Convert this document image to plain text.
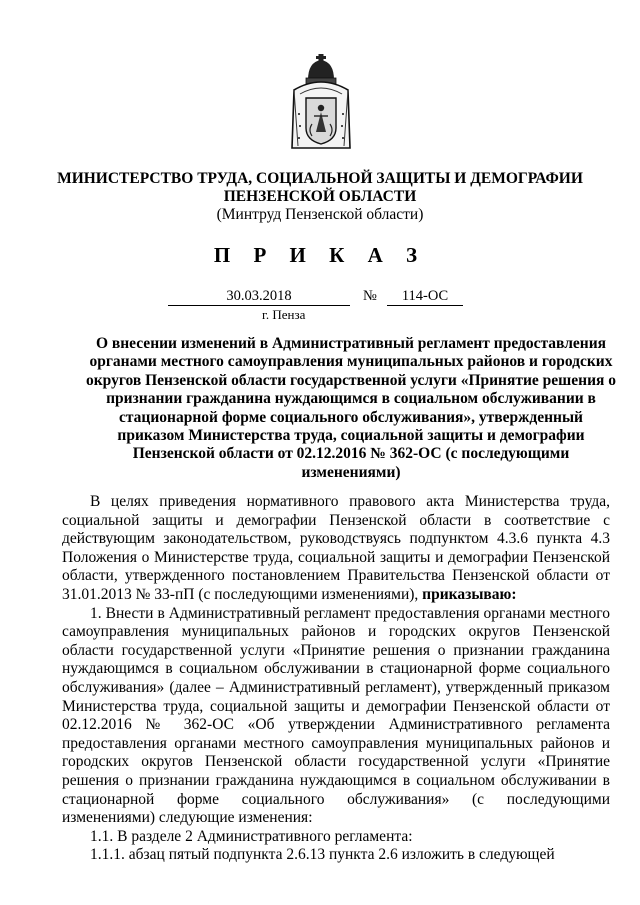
МИНИСТЕРСТВО ТРУДА, СОЦИАЛЬНОЙ ЗАЩИТЫ И ДЕМОГРАФИИ
ПЕНЗЕНСКОЙ ОБЛАСТИ
(Минтруд Пензенской области)
П Р И К А З
30.03.2018	№	114-ОС
г. Пенза
О внесении изменений в Административный регламент предоставления органами местного самоуправления муниципальных районов и городских округов Пензенской области государственной услуги «Принятие решения о признании гражданина нуждающимся в социальном обслуживании в стационарной форме социального обслуживания», утвержденный приказом Министерства труда, социальной защиты и демографии Пензенской области от 02.12.2016 № 362-ОС (с последующими изменениями)

В целях приведения нормативного правового акта Министерства труда, социальной защиты и демографии Пензенской области в соответствие с действующим законодательством, руководствуясь подпунктом 4.3.6 пункта 4.3 Положения о Министерстве труда, социальной защиты и демографии Пензенской области, утвержденного постановлением Правительства Пензенской области от 31.01.2013 № 33-пП (с последующими изменениями), приказываю:

1. Внести в Административный регламент предоставления органами местного самоуправления муниципальных районов и городских округов Пензенской области государственной услуги «Принятие решения о признании гражданина нуждающимся в социальном обслуживании в стационарной форме социального обслуживания» (далее – Административный регламент), утвержденный приказом Министерства труда, социальной защиты и демографии Пензенской области от 02.12.2016 № 362-ОС «Об утверждении Административного регламента предоставления органами местного самоуправления муниципальных районов и городских округов Пензенской области государственной услуги «Принятие решения о признании гражданина нуждающимся в социальном обслуживании в стационарной форме социального обслуживания» (с последующими изменениями) следующие изменения:

1.1. В разделе 2 Административного регламента:

1.1.1. абзац пятый подпункта 2.6.13 пункта 2.6 изложить в следующей
